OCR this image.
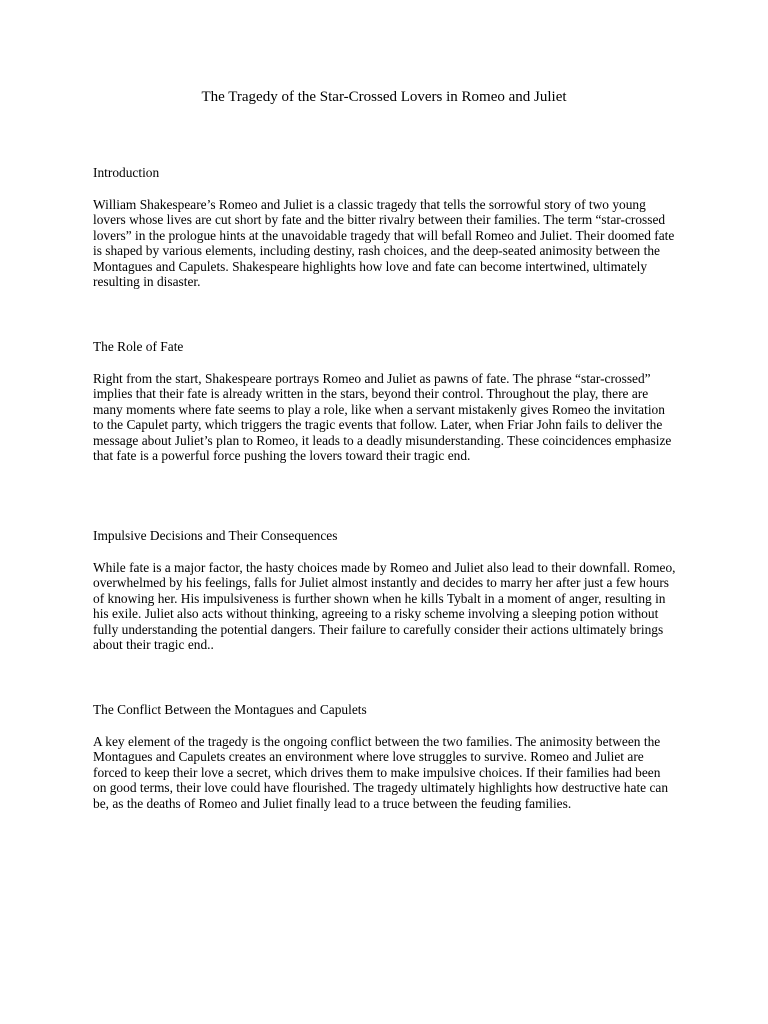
The Tragedy of the Star-Crossed Lovers in Romeo and Juliet
Introduction

William Shakespeare’s Romeo and Juliet is a classic tragedy that tells the sorrowful story of two young lovers whose lives are cut short by fate and the bitter rivalry between their families. The term “star-crossed lovers” in the prologue hints at the unavoidable tragedy that will befall Romeo and Juliet. Their doomed fate is shaped by various elements, including destiny, rash choices, and the deep-seated animosity between the Montagues and Capulets. Shakespeare highlights how love and fate can become intertwined, ultimately resulting in disaster.

The Role of Fate

Right from the start, Shakespeare portrays Romeo and Juliet as pawns of fate. The phrase “star-crossed” implies that their fate is already written in the stars, beyond their control. Throughout the play, there are many moments where fate seems to play a role, like when a servant mistakenly gives Romeo the invitation to the Capulet party, which triggers the tragic events that follow. Later, when Friar John fails to deliver the message about Juliet’s plan to Romeo, it leads to a deadly misunderstanding. These coincidences emphasize that fate is a powerful force pushing the lovers toward their tragic end.

Impulsive Decisions and Their Consequences

While fate is a major factor, the hasty choices made by Romeo and Juliet also lead to their downfall. Romeo, overwhelmed by his feelings, falls for Juliet almost instantly and decides to marry her after just a few hours of knowing her. His impulsiveness is further shown when he kills Tybalt in a moment of anger, resulting in his exile. Juliet also acts without thinking, agreeing to a risky scheme involving a sleeping potion without fully understanding the potential dangers. Their failure to carefully consider their actions ultimately brings about their tragic end..

The Conflict Between the Montagues and Capulets

A key element of the tragedy is the ongoing conflict between the two families. The animosity between the Montagues and Capulets creates an environment where love struggles to survive. Romeo and Juliet are forced to keep their love a secret, which drives them to make impulsive choices. If their families had been on good terms, their love could have flourished. The tragedy ultimately highlights how destructive hate can be, as the deaths of Romeo and Juliet finally lead to a truce between the feuding families.
